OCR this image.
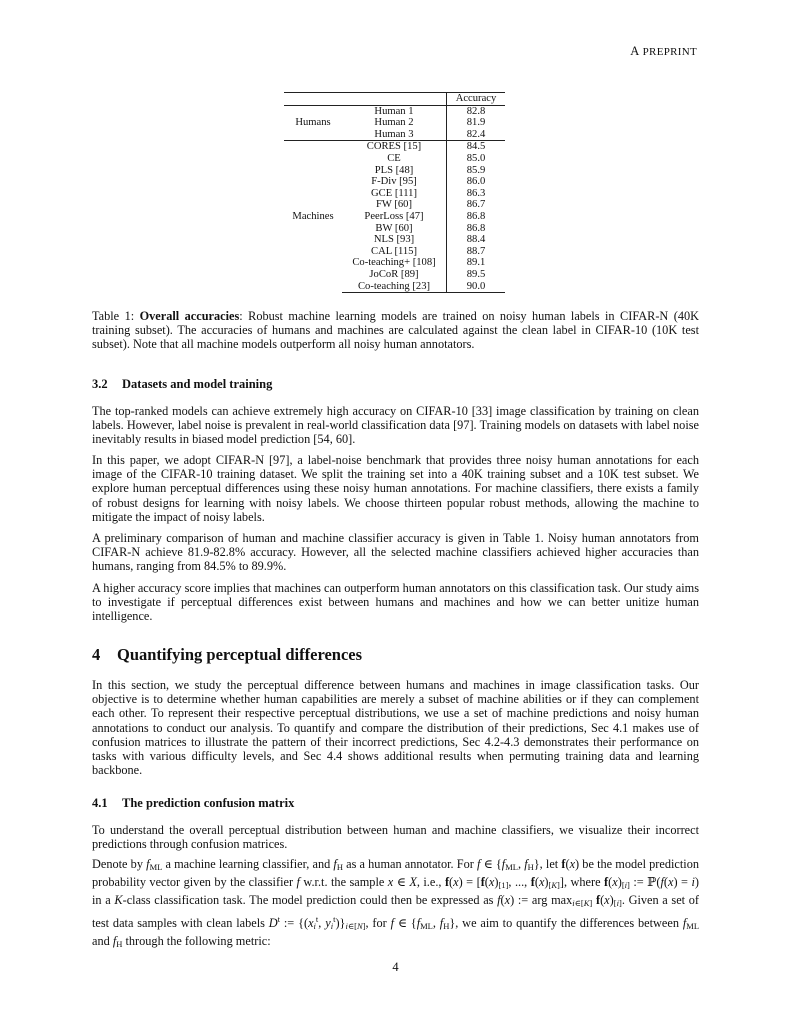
A PREPRINT
		Accuracy
Humans	Human 1	82.8
	Human 2	81.9
	Human 3	82.4
Machines	CORES [15]	84.5
	CE	85.0
	PLS [48]	85.9
	F-Div [95]	86.0
	GCE [111]	86.3
	FW [60]	86.7
	PeerLoss [47]	86.8
	BW [60]	86.8
	NLS [93]	88.4
	CAL [115]	88.7
	Co-teaching+ [108]	89.1
	JoCoR [89]	89.5
	Co-teaching [23]	90.0
Table 1: Overall accuracies: Robust machine learning models are trained on noisy human labels in CIFAR-N (40K training subset). The accuracies of humans and machines are calculated against the clean label in CIFAR-10 (10K test subset). Note that all machine models outperform all noisy human annotators.
3.2 Datasets and model training

The top-ranked models can achieve extremely high accuracy on CIFAR-10 [33] image classification by training on clean labels. However, label noise is prevalent in real-world classification data [97]. Training models on datasets with label noise inevitably results in biased model prediction [54, 60].

In this paper, we adopt CIFAR-N [97], a label-noise benchmark that provides three noisy human annotations for each image of the CIFAR-10 training dataset. We split the training set into a 40K training subset and a 10K test subset. We explore human perceptual differences using these noisy human annotations. For machine classifiers, there exists a family of robust designs for learning with noisy labels. We choose thirteen popular robust methods, allowing the machine to mitigate the impact of noisy labels.

A preliminary comparison of human and machine classifier accuracy is given in Table 1. Noisy human annotators from CIFAR-N achieve 81.9-82.8% accuracy. However, all the selected machine classifiers achieved higher accuracies than humans, ranging from 84.5% to 89.9%.

A higher accuracy score implies that machines can outperform human annotators on this classification task. Our study aims to investigate if perceptual differences exist between humans and machines and how we can better unitize human intelligence.

4 Quantifying perceptual differences

In this section, we study the perceptual difference between humans and machines in image classification tasks. Our objective is to determine whether human capabilities are merely a subset of machine abilities or if they can complement each other. To represent their respective perceptual distributions, we use a set of machine predictions and noisy human annotations to conduct our analysis. To quantify and compare the distribution of their predictions, Sec 4.1 makes use of confusion matrices to illustrate the pattern of their incorrect predictions, Sec 4.2-4.3 demonstrates their performance on tasks with various difficulty levels, and Sec 4.4 shows additional results when permuting training data and learning backbone.

4.1 The prediction confusion matrix

To understand the overall perceptual distribution between human and machine classifiers, we visualize their incorrect predictions through confusion matrices.

Denote by $f_{ML}$ a machine learning classifier, and $f_H$ as a human annotator. For f ∈ {$f_{ML}$, $f_H$}, let f(x) be the model prediction probability vector given by the classifier f w.r.t. the sample x ∈ X, i.e., $f(x) = [f(x)_{[1]}$, ..., $f(x)_{[K]}$], where $f(x)_{[i]}$ := ℙ(f(x) = i) in a K-class classification task. The model prediction could then be expressed as f(x) := arg $\max_{i\in[K]} f(x)_{[i]}$. Given a set of test data samples with clean labels $D^t$ := {($x_i^t$, $y_i^t)\}_{i\in[N]}$, for f ∈ {$f_{ML}$, $f_H$}, we aim to quantify the differences between $f_{ML}$ and $f_H$ through the following metric:
4
